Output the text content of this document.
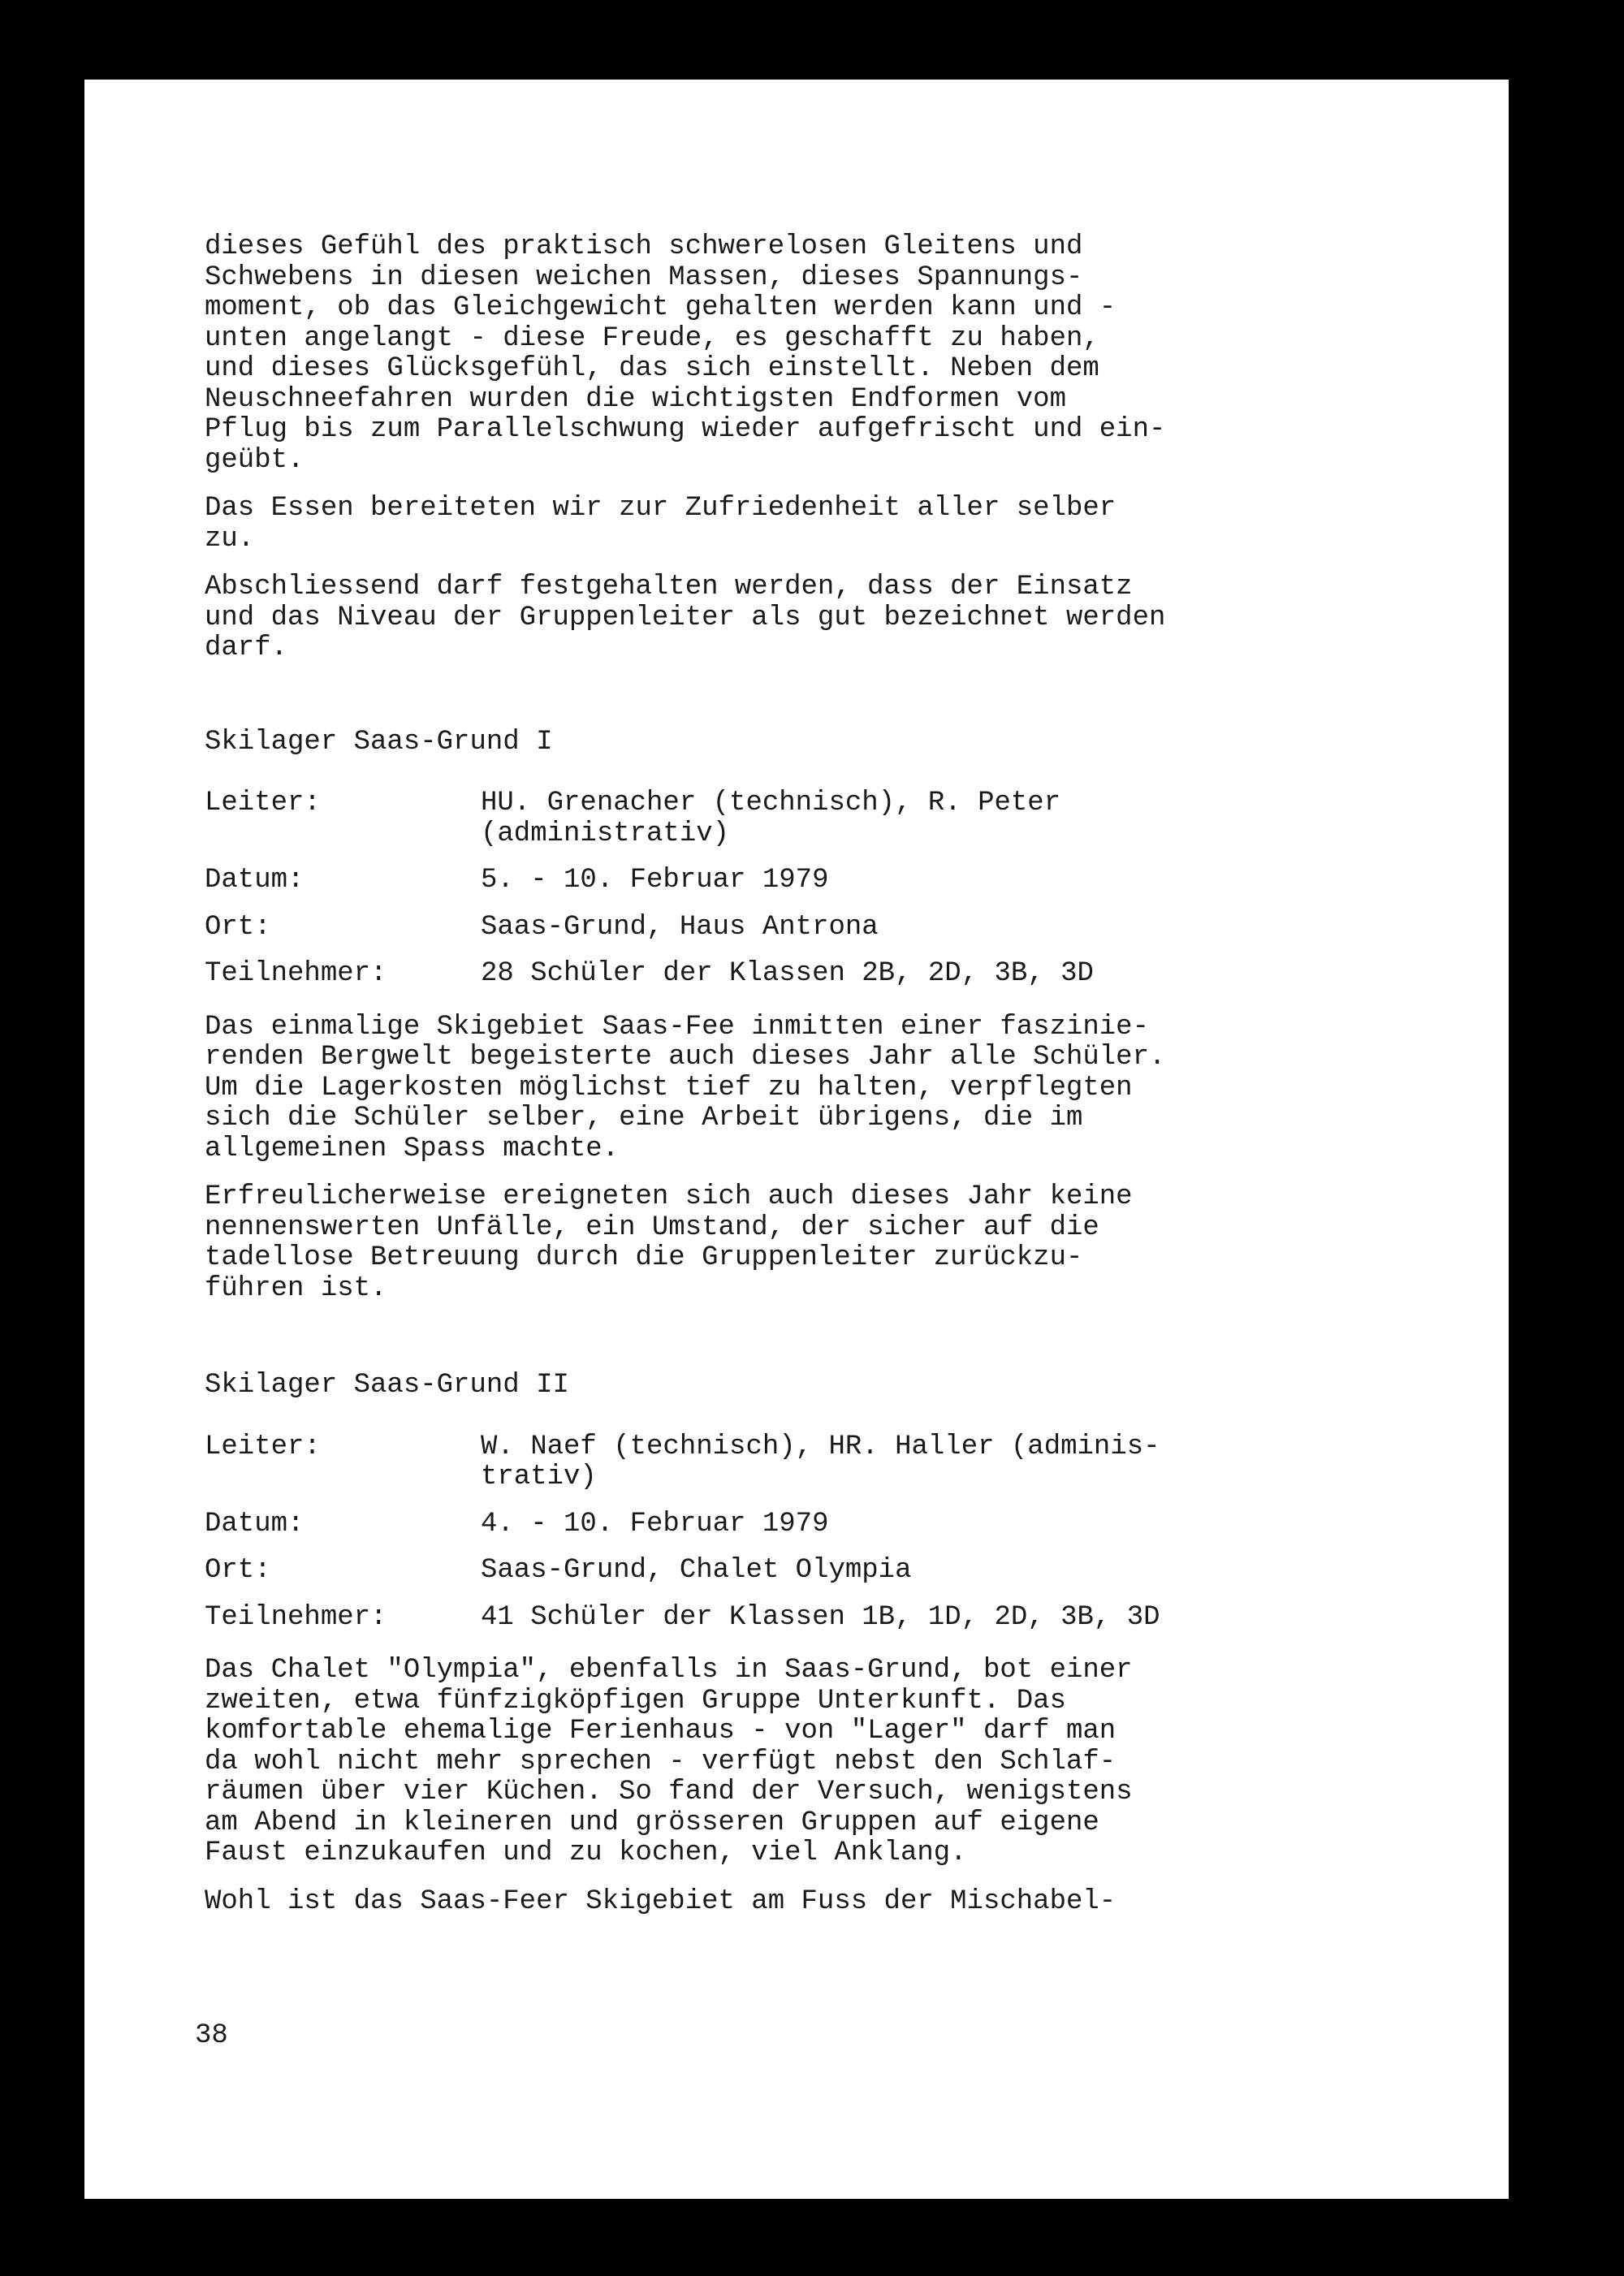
dieses Gefühl des praktisch schwerelosen Gleitens und
Schwebens in diesen weichen Massen, dieses Spannungs-
moment, ob das Gleichgewicht gehalten werden kann und -
unten angelangt - diese Freude, es geschafft zu haben,
und dieses Glücksgefühl, das sich einstellt. Neben dem
Neuschneefahren wurden die wichtigsten Endformen vom
Pflug bis zum Parallelschwung wieder aufgefrischt und ein-
geübt.
Das Essen bereiteten wir zur Zufriedenheit aller selber
zu.
Abschliessend darf festgehalten werden, dass der Einsatz
und das Niveau der Gruppenleiter als gut bezeichnet werden
darf.
Skilager Saas-Grund I
Leiter:	HU. Grenacher (technisch), R. Peter
(administrativ)
Datum:	5. - 10. Februar 1979
Ort:	Saas-Grund, Haus Antrona
Teilnehmer:	28 Schüler der Klassen 2B, 2D, 3B, 3D
Das einmalige Skigebiet Saas-Fee inmitten einer faszinie-
renden Bergwelt begeisterte auch dieses Jahr alle Schüler.
Um die Lagerkosten möglichst tief zu halten, verpflegten
sich die Schüler selber, eine Arbeit übrigens, die im
allgemeinen Spass machte.
Erfreulicherweise ereigneten sich auch dieses Jahr keine
nennenswerten Unfälle, ein Umstand, der sicher auf die
tadellose Betreuung durch die Gruppenleiter zurückzu-
führen ist.
Skilager Saas-Grund II
Leiter:	W. Naef (technisch), HR. Haller (adminis-
trativ)
Datum:	4. - 10. Februar 1979
Ort:	Saas-Grund, Chalet Olympia
Teilnehmer:	41 Schüler der Klassen 1B, 1D, 2D, 3B, 3D
Das Chalet "Olympia", ebenfalls in Saas-Grund, bot einer
zweiten, etwa fünfzigköpfigen Gruppe Unterkunft. Das
komfortable ehemalige Ferienhaus - von "Lager" darf man
da wohl nicht mehr sprechen - verfügt nebst den Schlaf-
räumen über vier Küchen. So fand der Versuch, wenigstens
am Abend in kleineren und grösseren Gruppen auf eigene
Faust einzukaufen und zu kochen, viel Anklang.
Wohl ist das Saas-Feer Skigebiet am Fuss der Mischabel-
38
